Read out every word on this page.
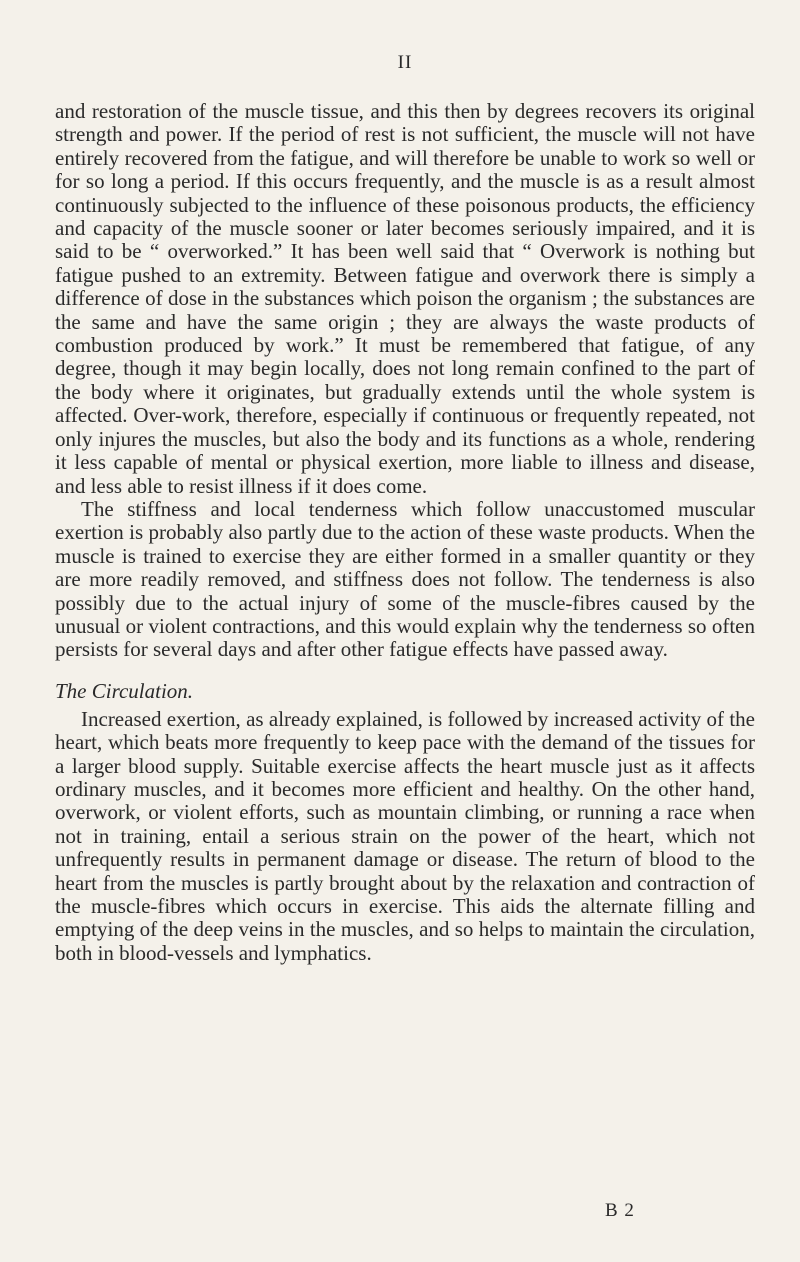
II

and restoration of the muscle tissue, and this then by degrees recovers its original strength and power. If the period of rest is not sufficient, the muscle will not have entirely recovered from the fatigue, and will therefore be unable to work so well or for so long a period. If this occurs frequently, and the muscle is as a result almost continuously subjected to the influence of these poisonous products, the efficiency and capacity of the muscle sooner or later becomes seriously impaired, and it is said to be “ overworked.” It has been well said that “ Overwork is nothing but fatigue pushed to an extremity. Between fatigue and overwork there is simply a difference of dose in the substances which poison the organism ; the substances are the same and have the same origin ; they are always the waste products of combustion produced by work.” It must be remembered that fatigue, of any degree, though it may begin locally, does not long remain confined to the part of the body where it originates, but gradually extends until the whole system is affected. Over-work, therefore, especially if continuous or frequently repeated, not only injures the muscles, but also the body and its functions as a whole, rendering it less capable of mental or physical exertion, more liable to illness and disease, and less able to resist illness if it does come.

The stiffness and local tenderness which follow unaccustomed muscular exertion is probably also partly due to the action of these waste products. When the muscle is trained to exercise they are either formed in a smaller quantity or they are more readily removed, and stiffness does not follow. The tenderness is also possibly due to the actual injury of some of the muscle-fibres caused by the unusual or violent contractions, and this would explain why the tenderness so often persists for several days and after other fatigue effects have passed away.

The Circulation.

Increased exertion, as already explained, is followed by increased activity of the heart, which beats more frequently to keep pace with the demand of the tissues for a larger blood supply. Suitable exercise affects the heart muscle just as it affects ordinary muscles, and it becomes more efficient and healthy. On the other hand, overwork, or violent efforts, such as mountain climbing, or running a race when not in training, entail a serious strain on the power of the heart, which not unfrequently results in permanent damage or disease. The return of blood to the heart from the muscles is partly brought about by the relaxation and contraction of the muscle-fibres which occurs in exercise. This aids the alternate filling and emptying of the deep veins in the muscles, and so helps to maintain the circulation, both in blood-vessels and lymphatics.

B 2
